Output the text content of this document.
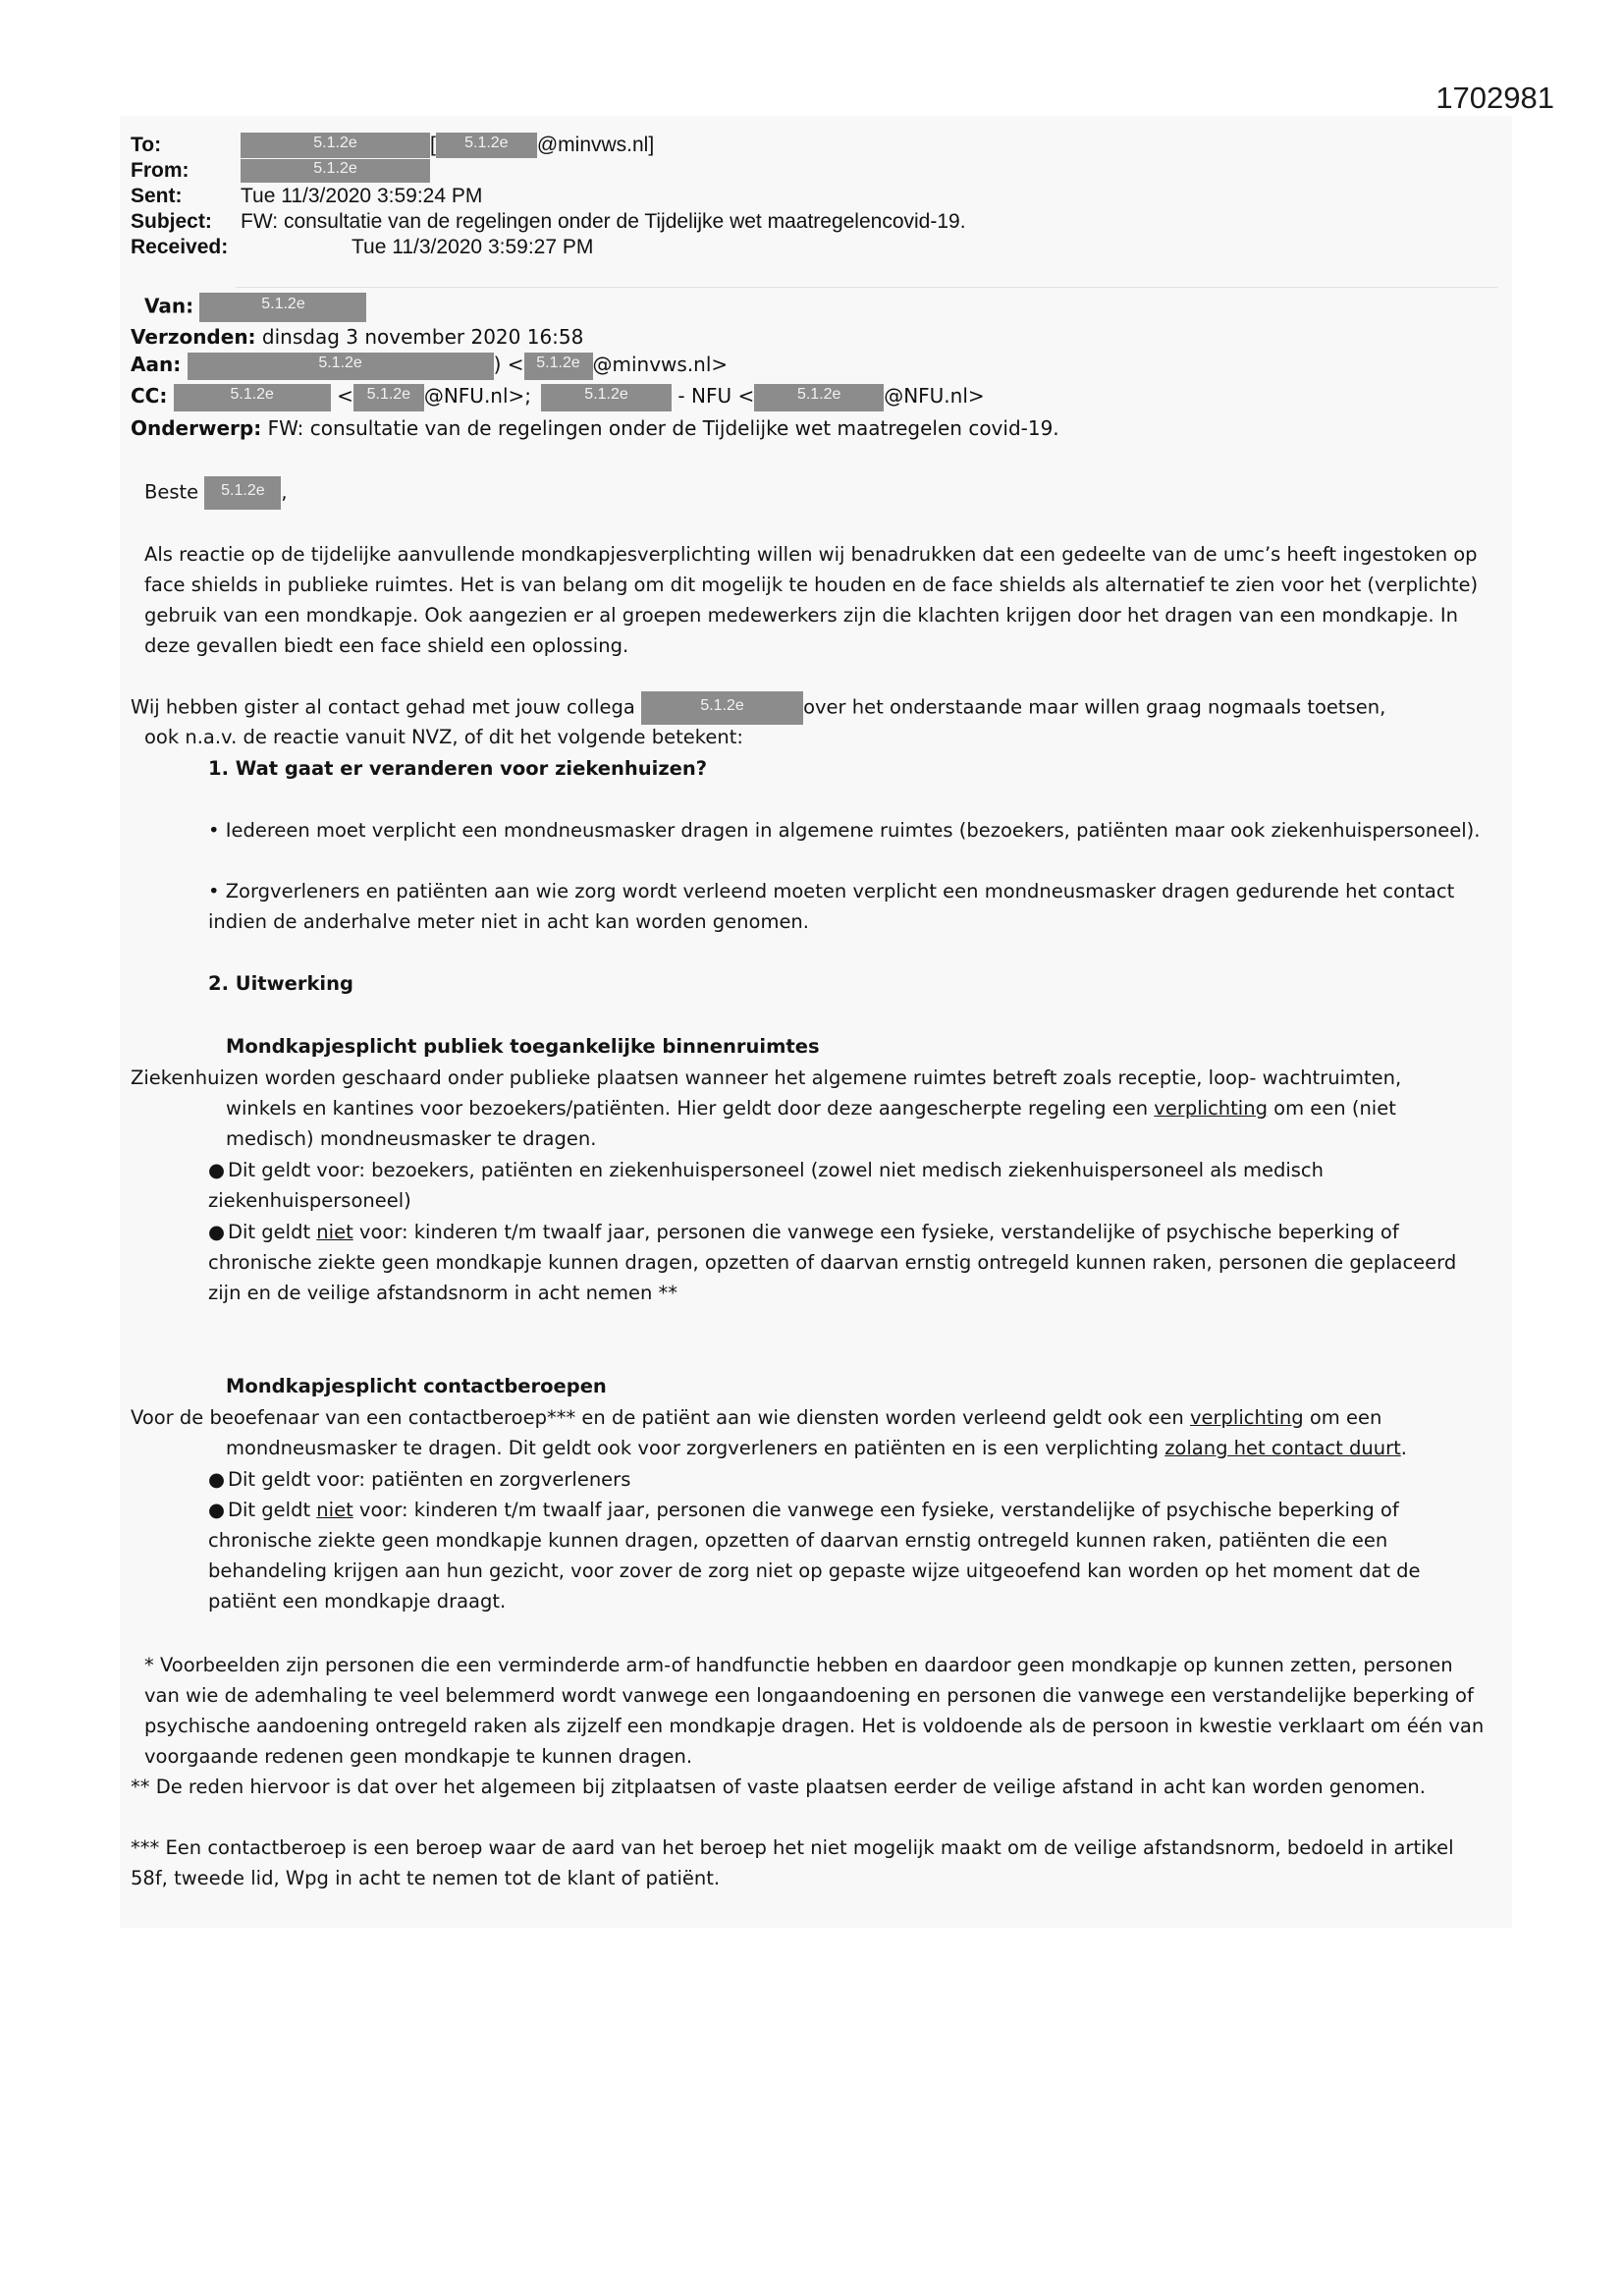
1702981
To:	5.1.2e	[ 5.1.2e @minvws.nl]
From:	5.1.2e
Sent:	Tue 11/3/2020 3:59:24 PM
Subject: FW: consultatie van de regelingen onder de Tijdelijke wet maatregelencovid-19.
Received:	Tue 11/3/2020 3:59:27 PM
Van:	5.1.2e
Verzonden: dinsdag 3 november 2020 16:58
Aan:	5.1.2e	) < 5.1.2e @minvws.nl>
CC:	5.1.2e	< 5.1.2e @NFU.nl>;	5.1.2e	- NFU <	5.1.2e @NFU.nl>
Onderwerp: FW: consultatie van de regelingen onder de Tijdelijke wet maatregelen covid-19.
Beste 5.1.2e ,
Als reactie op de tijdelijke aanvullende mondkapjesverplichting willen wij benadrukken dat een gedeelte van de umc’s heeft ingestoken op face shields in publieke ruimtes. Het is van belang om dit mogelijk te houden en de face shields als alternatief te zien voor het (verplichte) gebruik van een mondkapje. Ook aangezien er al groepen medewerkers zijn die klachten krijgen door het dragen van een mondkapje. In deze gevallen biedt een face shield een oplossing.
Wij hebben gister al contact gehad met jouw collega	5.1.2e	over het onderstaande maar willen graag nogmaals toetsen,
ook n.a.v. de reactie vanuit NVZ, of dit het volgende betekent:
1. Wat gaat er veranderen voor ziekenhuizen?
• Iedereen moet verplicht een mondneusmasker dragen in algemene ruimtes (bezoekers, patiënten maar ook ziekenhuispersoneel).
• Zorgverleners en patiënten aan wie zorg wordt verleend moeten verplicht een mondneusmasker dragen gedurende het contact indien de anderhalve meter niet in acht kan worden genomen.
2. Uitwerking
Mondkapjesplicht publiek toegankelijke binnenruimtes
Ziekenhuizen worden geschaard onder publieke plaatsen wanneer het algemene ruimtes betreft zoals receptie, loop- wachtruimten,
winkels en kantines voor bezoekers/patiënten. Hier geldt door deze aangescherpte regeling een verplichting om een (niet
medisch) mondneusmasker te dragen.
● Dit geldt voor: bezoekers, patiënten en ziekenhuispersoneel (zowel niet medisch ziekenhuispersoneel als medisch ziekenhuispersoneel)
● Dit geldt niet voor: kinderen t/m twaalf jaar, personen die vanwege een fysieke, verstandelijke of psychische beperking of chronische ziekte geen mondkapje kunnen dragen, opzetten of daarvan ernstig ontregeld kunnen raken, personen die geplaceerd zijn en de veilige afstandsnorm in acht nemen **
Mondkapjesplicht contactberoepen
Voor de beoefenaar van een contactberoep*** en de patiënt aan wie diensten worden verleend geldt ook een verplichting om een
mondneusmasker te dragen. Dit geldt ook voor zorgverleners en patiënten en is een verplichting zolang het contact duurt.
● Dit geldt voor: patiënten en zorgverleners
● Dit geldt niet voor: kinderen t/m twaalf jaar, personen die vanwege een fysieke, verstandelijke of psychische beperking of chronische ziekte geen mondkapje kunnen dragen, opzetten of daarvan ernstig ontregeld kunnen raken, patiënten die een behandeling krijgen aan hun gezicht, voor zover de zorg niet op gepaste wijze uitgeoefend kan worden op het moment dat de patiënt een mondkapje draagt.
* Voorbeelden zijn personen die een verminderde arm-of handfunctie hebben en daardoor geen mondkapje op kunnen zetten, personen van wie de ademhaling te veel belemmerd wordt vanwege een longaandoening en personen die vanwege een verstandelijke beperking of psychische aandoening ontregeld raken als zijzelf een mondkapje dragen. Het is voldoende als de persoon in kwestie verklaart om één van voorgaande redenen geen mondkapje te kunnen dragen.
** De reden hiervoor is dat over het algemeen bij zitplaatsen of vaste plaatsen eerder de veilige afstand in acht kan worden genomen.
*** Een contactberoep is een beroep waar de aard van het beroep het niet mogelijk maakt om de veilige afstandsnorm, bedoeld in artikel 58f, tweede lid, Wpg in acht te nemen tot de klant of patiënt.
